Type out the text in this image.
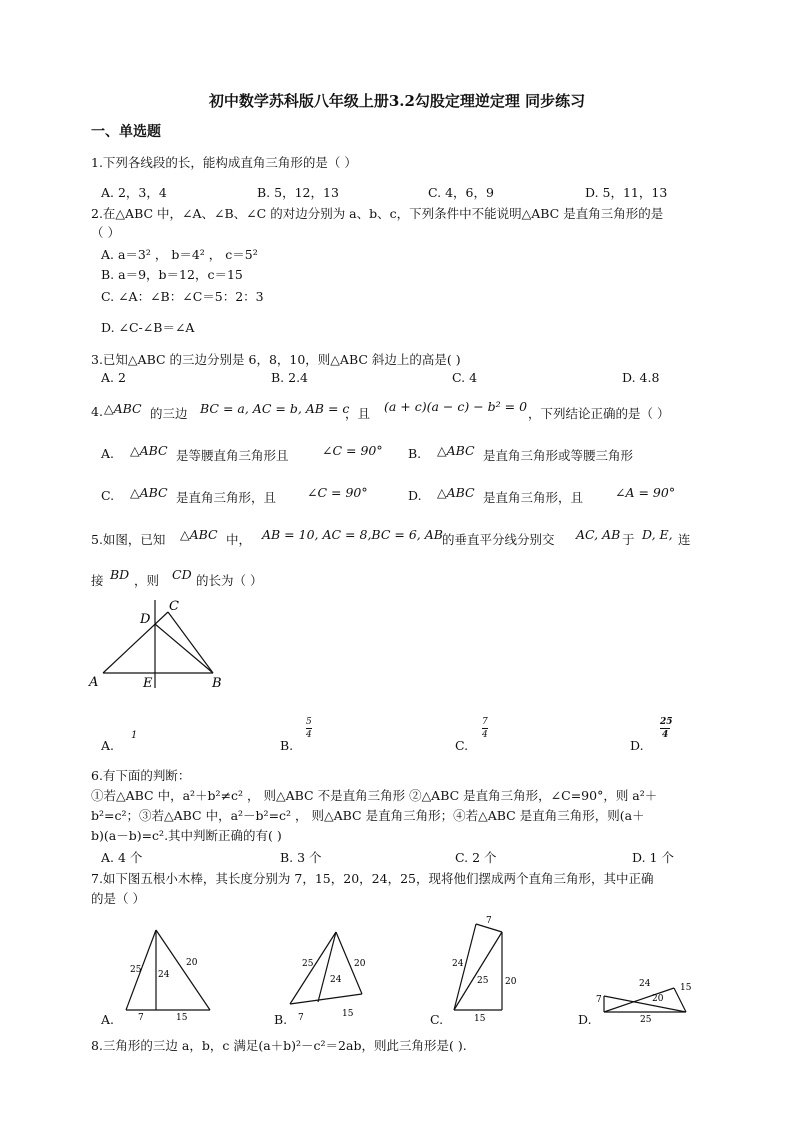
初中数学苏科版八年级上册3.2勾股定理逆定理 同步练习
一、单选题
1.下列各线段的长，能构成直角三角形的是（ ）
A. 2，3，4	B. 5，12，13	C. 4，6，9	D. 5，11，13
2.在△ABC 中，∠A、∠B、∠C 的对边分别为 a、b、c，下列条件中不能说明△ABC 是直角三角形的是
（ ）
A. a＝3² ， b＝4² ， c＝5²
B. a＝9，b＝12，c＝15
C. ∠A：∠B：∠C＝5：2：3
D. ∠C-∠B＝∠A
3.已知△ABC 的三边分别是 6，8，10，则△ABC 斜边上的高是( )
A. 2	B. 2.4	C. 4	D. 4.8
4. △ABC 的三边 BC = a, AC = b, AB = c
，且 (a + c)(a − c) − b² = 0 ，下列结论正确的是（ ）
A. △ABC 是等腰直角三角形且	∠C = 90° B. △ABC 是直角三角形或等腰三角形
C. △ABC 是直角三角形，且 ∠C = 90°	D. △ABC 是直角三角形，且	∠A = 90°
5.如图，已知 △ABC 中， AB = 10, AC = 8,BC = 6, AB 的垂直平分线分别交 AC, AB 于 D, E, 连
接 BD ，则 CD 的长为（ ）
A	B
C
D
E
A.
1
B.
5
4
C.
7
4
D.
25
4
6.有下面的判断：
①若△ABC 中，a²＋b²≠c² ， 则△ABC 不是直角三角形 ②△ABC 是直角三角形，∠C=90°，则 a²＋
b²=c²；③若△ABC 中，a²－b²=c² ， 则△ABC 是直角三角形；④若△ABC 是直角三角形，则(a＋
b)(a－b)=c².其中判断正确的有( )
A. 4 个	B. 3 个	C. 2 个	D. 1 个
7.如下图五根小木棒，其长度分别为 7，15，20，24，25，现将他们摆成两个直角三角形，其中正确
的是（ ）
A.
25 24
20
7	15	B.
25
24
20
7	15	C.
7
24
25 20
15	D.
7
24
20
15
25
8.三角形的三边 a，b，c 满足(a＋b)²－c²＝2ab，则此三角形是( ).
